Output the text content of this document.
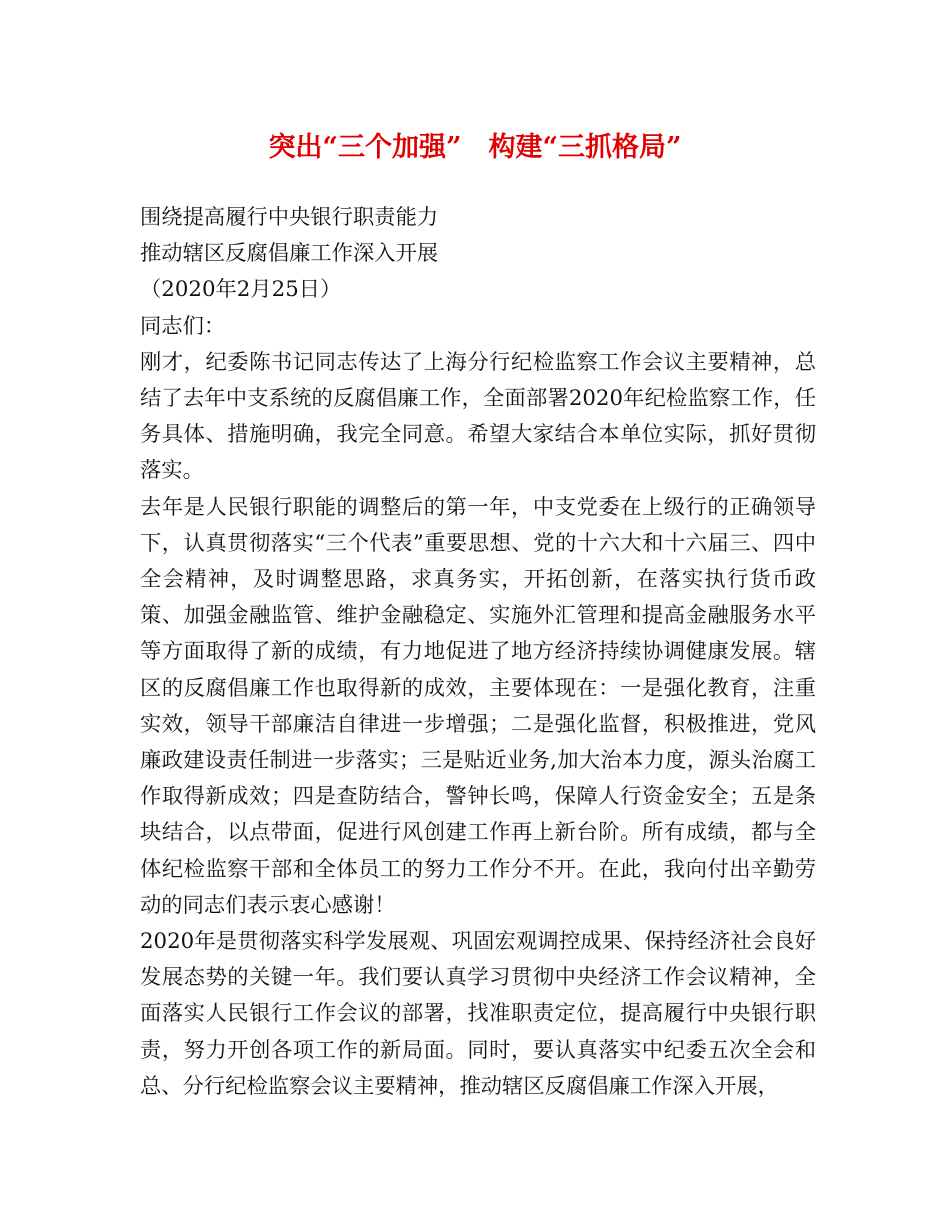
突出“三个加强”　构建“三抓格局”
围绕提高履行中央银行职责能力
推动辖区反腐倡廉工作深入开展
（2020年2月25日）
同志们：
刚才，纪委陈书记同志传达了上海分行纪检监察工作会议主要精神，总结了去年中支系统的反腐倡廉工作，全面部署2020年纪检监察工作，任务具体、措施明确，我完全同意。希望大家结合本单位实际，抓好贯彻落实。
去年是人民银行职能的调整后的第一年，中支党委在上级行的正确领导下，认真贯彻落实“三个代表”重要思想、党的十六大和十六届三、四中全会精神，及时调整思路，求真务实，开拓创新，在落实执行货币政策、加强金融监管、维护金融稳定、实施外汇管理和提高金融服务水平等方面取得了新的成绩，有力地促进了地方经济持续协调健康发展。辖区的反腐倡廉工作也取得新的成效，主要体现在：一是强化教育，注重实效，领导干部廉洁自律进一步增强；二是强化监督，积极推进，党风廉政建设责任制进一步落实；三是贴近业务,加大治本力度，源头治腐工作取得新成效；四是查防结合，警钟长鸣，保障人行资金安全；五是条块结合，以点带面，促进行风创建工作再上新台阶。所有成绩，都与全体纪检监察干部和全体员工的努力工作分不开。在此，我向付出辛勤劳动的同志们表示衷心感谢！
2020年是贯彻落实科学发展观、巩固宏观调控成果、保持经济社会良好发展态势的关键一年。我们要认真学习贯彻中央经济工作会议精神，全面落实人民银行工作会议的部署，找准职责定位，提高履行中央银行职责，努力开创各项工作的新局面。同时，要认真落实中纪委五次全会和总、分行纪检监察会议主要精神，推动辖区反腐倡廉工作深入开展，
